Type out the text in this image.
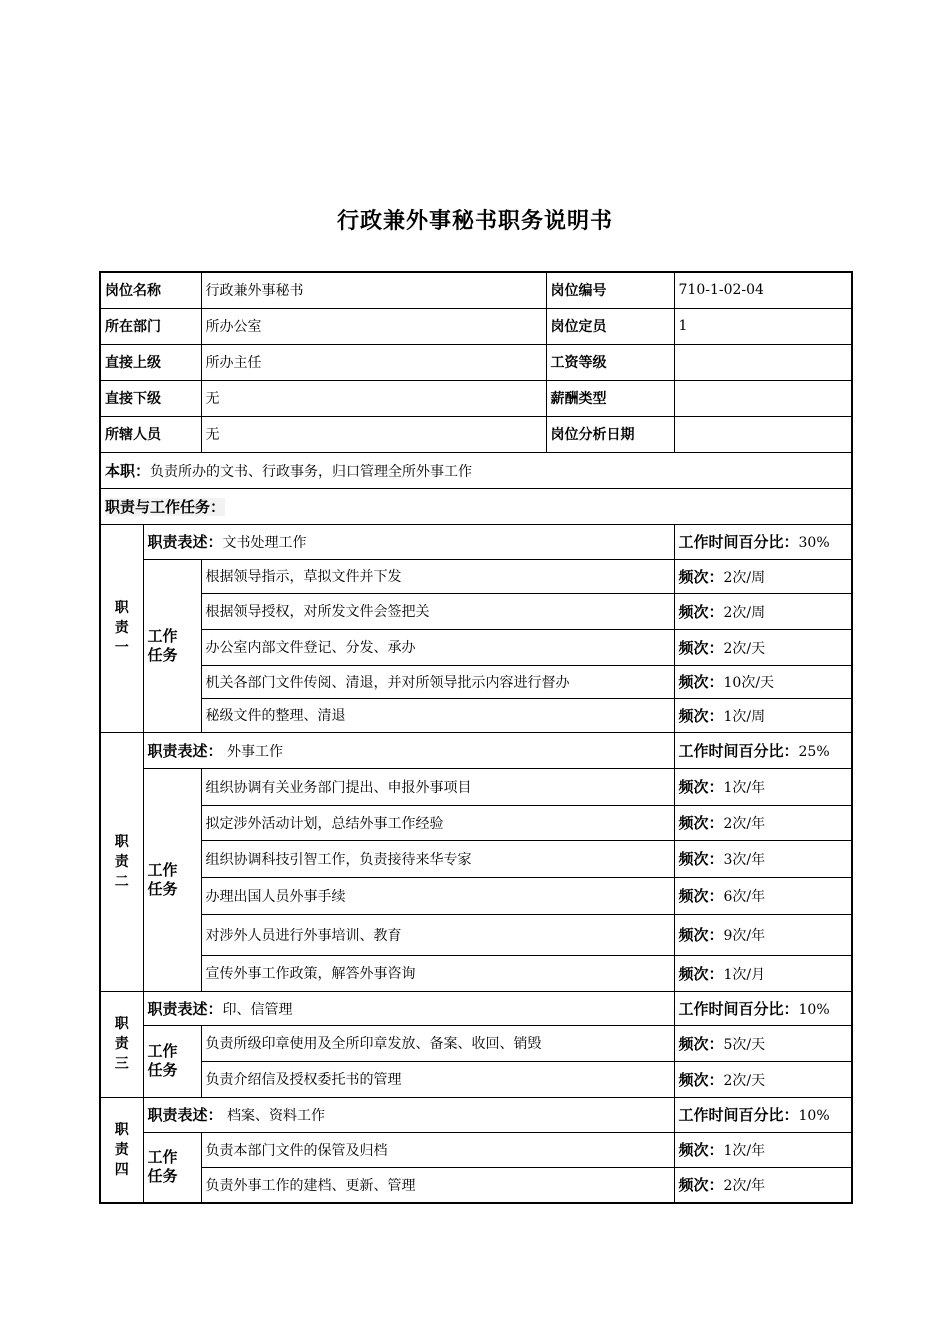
行政兼外事秘书职务说明书
岗位名称		行政兼外事秘书	岗位编号	710-1-02-04
所在部门		所办公室	岗位定员	1
直接上级		所办主任	工资等级	
直接下级		无	薪酬类型	
所辖人员		无	岗位分析日期	
本职：负责所办的文书、行政事务，归口管理全所外事工作				
职责与工作任务：				
职责一	职责表述：文书处理工作			工作时间百分比：30%
	工作任务	根据领导指示，草拟文件并下发		频次：2次/周
		根据领导授权，对所发文件会签把关		频次：2次/周
		办公室内部文件登记、分发、承办		频次：2次/天
		机关各部门文件传阅、清退，并对所领导批示内容进行督办		频次：10次/天
		秘级文件的整理、清退		频次：1次/周
职责二	职责表述： 外事工作			工作时间百分比：25%
	工作任务	组织协调有关业务部门提出、申报外事项目		频次：1次/年
		拟定涉外活动计划，总结外事工作经验		频次：2次/年
		组织协调科技引智工作，负责接待来华专家		频次：3次/年
		办理出国人员外事手续		频次：6次/年
		对涉外人员进行外事培训、教育		频次：9次/年
		宣传外事工作政策，解答外事咨询		频次：1次/月
职责三	职责表述：印、信管理			工作时间百分比：10%
	工作任务	负责所级印章使用及全所印章发放、备案、收回、销毁		频次：5次/天
		负责介绍信及授权委托书的管理		频次：2次/天
职责四	职责表述： 档案、资料工作			工作时间百分比：10%
	工作任务	负责本部门文件的保管及归档		频次：1次/年
		负责外事工作的建档、更新、管理		频次：2次/年
